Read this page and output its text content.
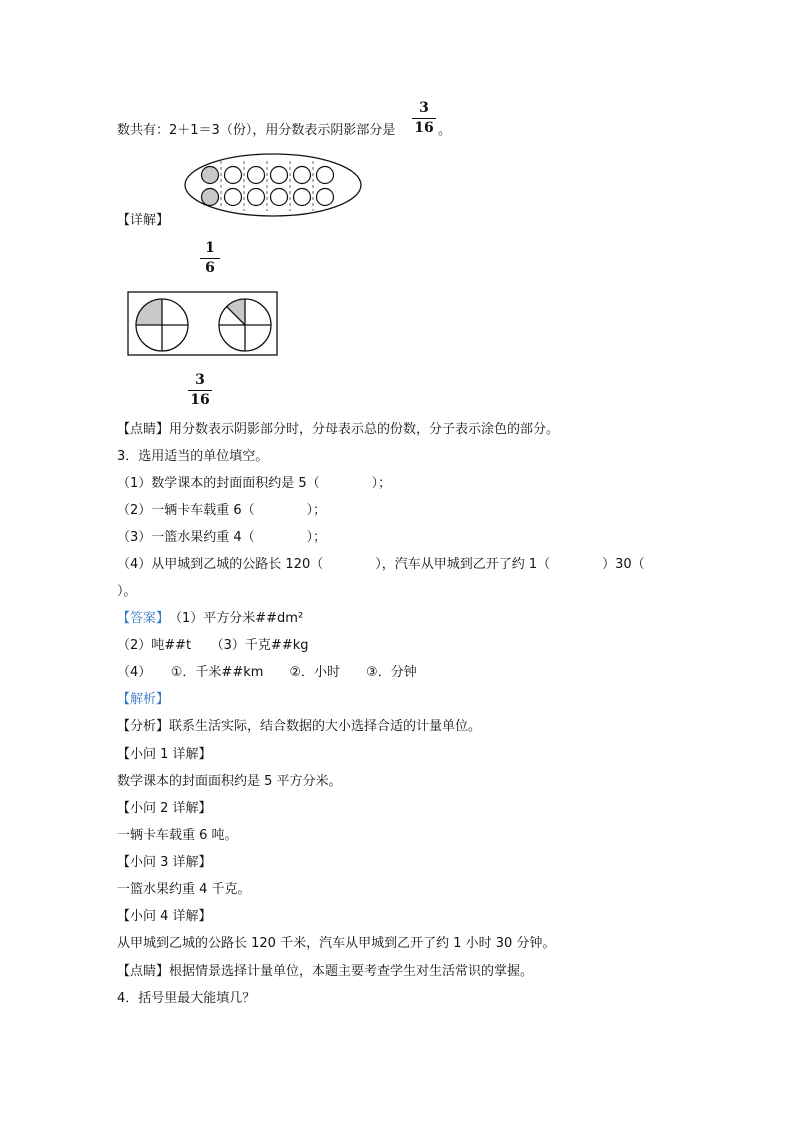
3
16
数共有：2＋1＝3（份），用分数表示阴影部分是	。
【详解】
1
6
3
16
【点睛】用分数表示阴影部分时，分母表示总的份数，分子表示涂色的部分。
3．选用适当的单位填空。
（1）数学课本的封面面积约是 5（　　　　）；
（2）一辆卡车载重 6（　　　　）；
（3）一篮水果约重 4（　　　　）；
（4）从甲城到乙城的公路长 120（　　　　），汽车从甲城到乙开了约 1（　　　　）30（
）。
【答案】 （1）平方分米##dm²
（2）吨##t　　（3）千克##kg
（4）　　①．千米##km　　②．小时　　③．分钟
【解析】
【分析】联系生活实际，结合数据的大小选择合适的计量单位。
【小问 1 详解】
数学课本的封面面积约是 5 平方分米。
【小问 2 详解】
一辆卡车载重 6 吨。
【小问 3 详解】
一篮水果约重 4 千克。
【小问 4 详解】
从甲城到乙城的公路长 120 千米，汽车从甲城到乙开了约 1 小时 30 分钟。
【点睛】根据情景选择计量单位，本题主要考查学生对生活常识的掌握。
4．括号里最大能填几？
